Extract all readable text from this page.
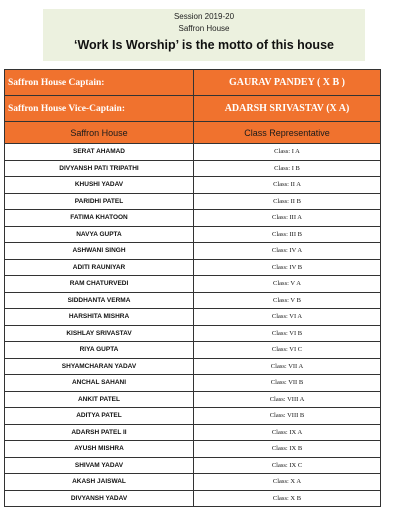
Session 2019-20
Saffron House
‘Work Is Worship’ is the motto of this house
Saffron House Captain:	GAURAV PANDEY ( X B )
Saffron House Vice-Captain:	ADARSH SRIVASTAV (X A)
Saffron House	Class Representative
SERAT AHAMAD	Class: I A
DIVYANSH PATI TRIPATHI	Class: I B
KHUSHI YADAV	Class: II A
PARIDHI PATEL	Class: II B
FATIMA KHATOON	Class: III A
NAVYA GUPTA	Class: III B
ASHWANI SINGH	Class: IV A
ADITI RAUNIYAR	Class: IV B
RAM CHATURVEDI	Class: V A
SIDDHANTA VERMA	Class: V B
HARSHITA MISHRA	Class: VI A
KISHLAY SRIVASTAV	Class: VI B
RIYA GUPTA	Class: VI C
SHYAMCHARAN YADAV	Class: VII A
ANCHAL SAHANI	Class: VII B
ANKIT PATEL	Class: VIII A
ADITYA PATEL	Class: VIII B
ADARSH PATEL II	Class: IX A
AYUSH MISHRA	Class: IX B
SHIVAM YADAV	Class: IX C
AKASH JAISWAL	Class: X A
DIVYANSH YADAV	Class: X B
